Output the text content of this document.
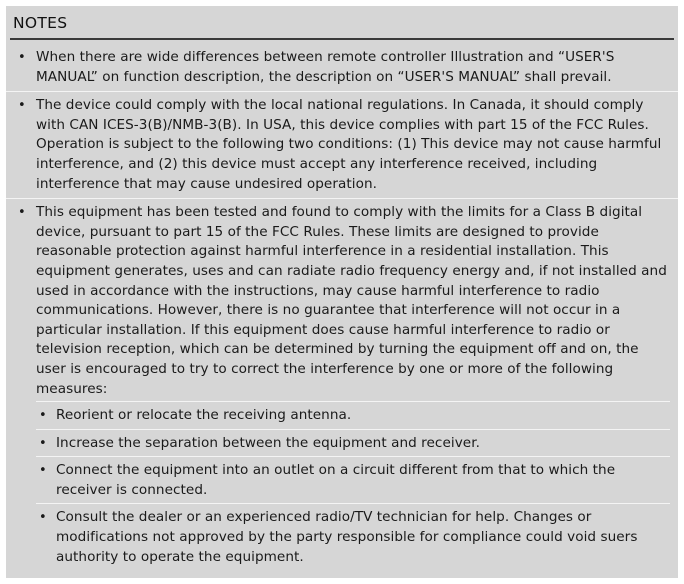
NOTES
• When there are wide differences between remote controller Illustration and “USER'S MANUAL” on function description, the description on “USER'S MANUAL” shall prevail.
• The device could comply with the local national regulations. In Canada, it should comply with CAN ICES-3(B)/NMB-3(B). In USA, this device complies with part 15 of the FCC Rules. Operation is subject to the following two conditions: (1) This device may not cause harmful interference, and (2) this device must accept any interference received, including interference that may cause undesired operation.
• This equipment has been tested and found to comply with the limits for a Class B digital device, pursuant to part 15 of the FCC Rules. These limits are designed to provide reasonable protection against harmful interference in a residential installation. This equipment generates, uses and can radiate radio frequency energy and, if not installed and used in accordance with the instructions, may cause harmful interference to radio communications. However, there is no guarantee that interference will not occur in a particular installation. If this equipment does cause harmful interference to radio or television reception, which can be determined by turning the equipment off and on, the user is encouraged to try to correct the interference by one or more of the following measures:
• Reorient or relocate the receiving antenna.
• Increase the separation between the equipment and receiver.
• Connect the equipment into an outlet on a circuit different from that to which the receiver is connected.
• Consult the dealer or an experienced radio/TV technician for help. Changes or modifications not approved by the party responsible for compliance could void suers authority to operate the equipment.
